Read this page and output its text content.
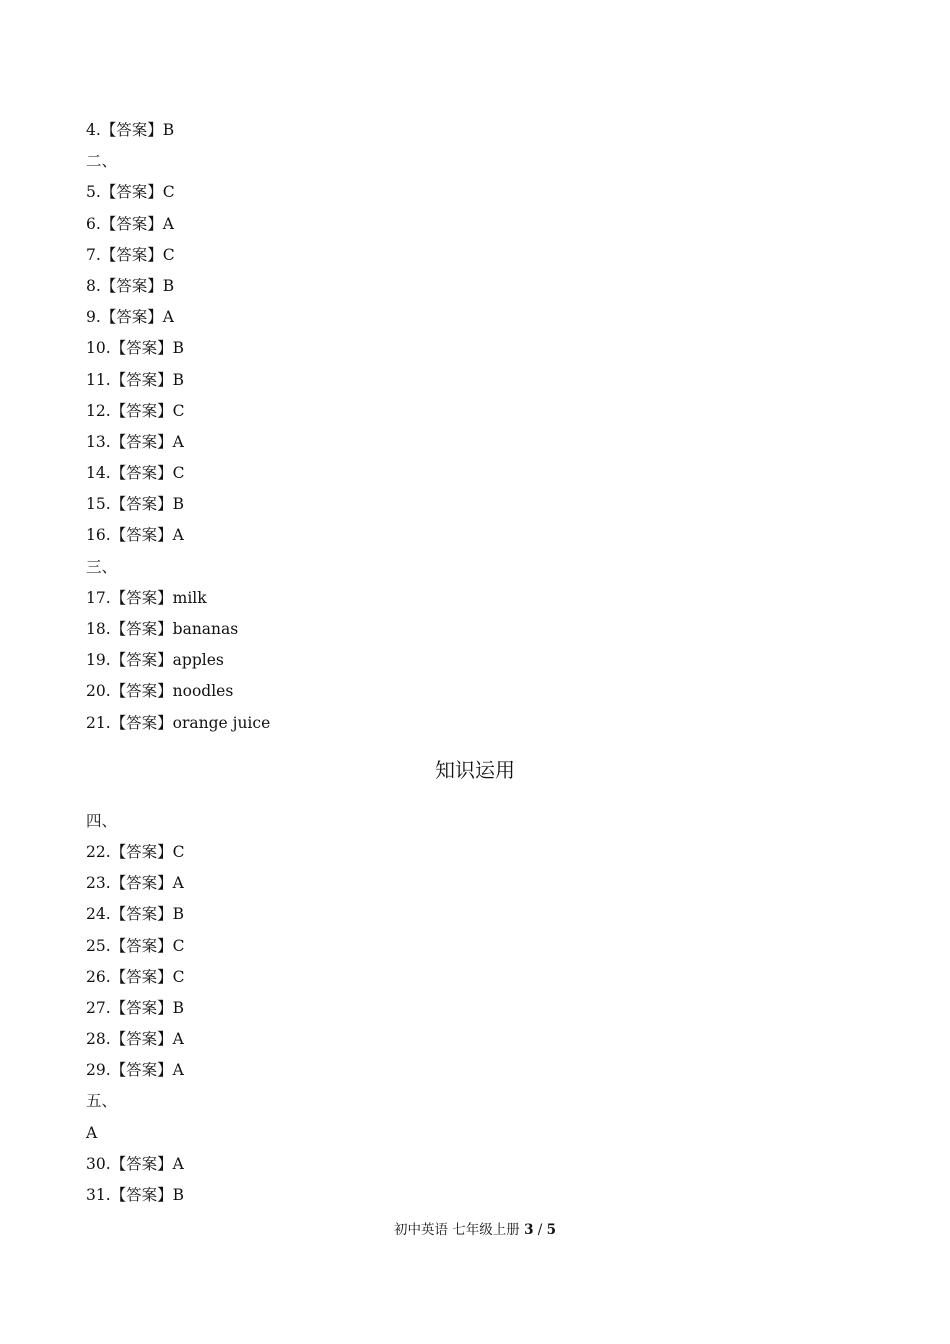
4.【答案】B
二、
5.【答案】C
6.【答案】A
7.【答案】C
8.【答案】B
9.【答案】A
10.【答案】B
11.【答案】B
12.【答案】C
13.【答案】A
14.【答案】C
15.【答案】B
16.【答案】A
三、
17.【答案】milk
18.【答案】bananas
19.【答案】apples
20.【答案】noodles
21.【答案】orange juice
知识运用
四、
22.【答案】C
23.【答案】A
24.【答案】B
25.【答案】C
26.【答案】C
27.【答案】B
28.【答案】A
29.【答案】A
五、
A
30.【答案】A
31.【答案】B
初中英语 七年级上册 3 / 5
